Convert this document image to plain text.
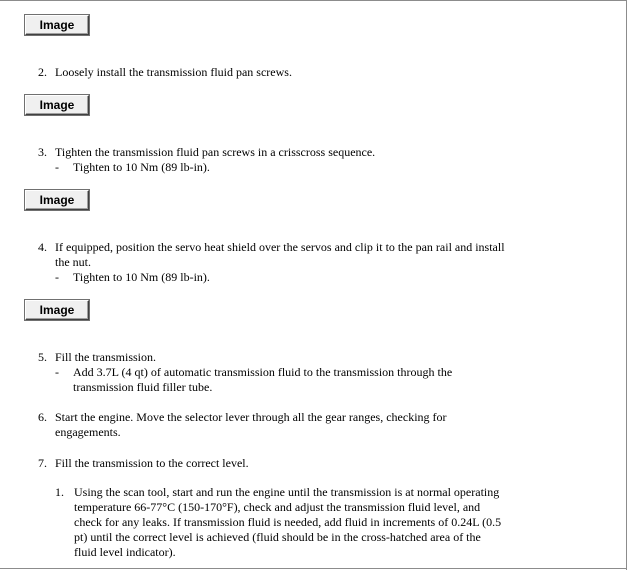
Image
Image
Image
Image
2. Loosely install the transmission fluid pan screws.
3. Tighten the transmission fluid pan screws in a crisscross sequence.
- Tighten to 10 Nm (89 lb-in).
4. If equipped, position the servo heat shield over the servos and clip it to the pan rail and install the nut.
- Tighten to 10 Nm (89 lb-in).
5. Fill the transmission.
- Add 3.7L (4 qt) of automatic transmission fluid to the transmission through the transmission fluid filler tube.
6. Start the engine. Move the selector lever through all the gear ranges, checking for engagements.
7. Fill the transmission to the correct level.
1. Using the scan tool, start and run the engine until the transmission is at normal operating temperature 66-77°C (150-170°F), check and adjust the transmission fluid level, and check for any leaks. If transmission fluid is needed, add fluid in increments of 0.24L (0.5 pt) until the correct level is achieved (fluid should be in the cross-hatched area of the fluid level indicator).
